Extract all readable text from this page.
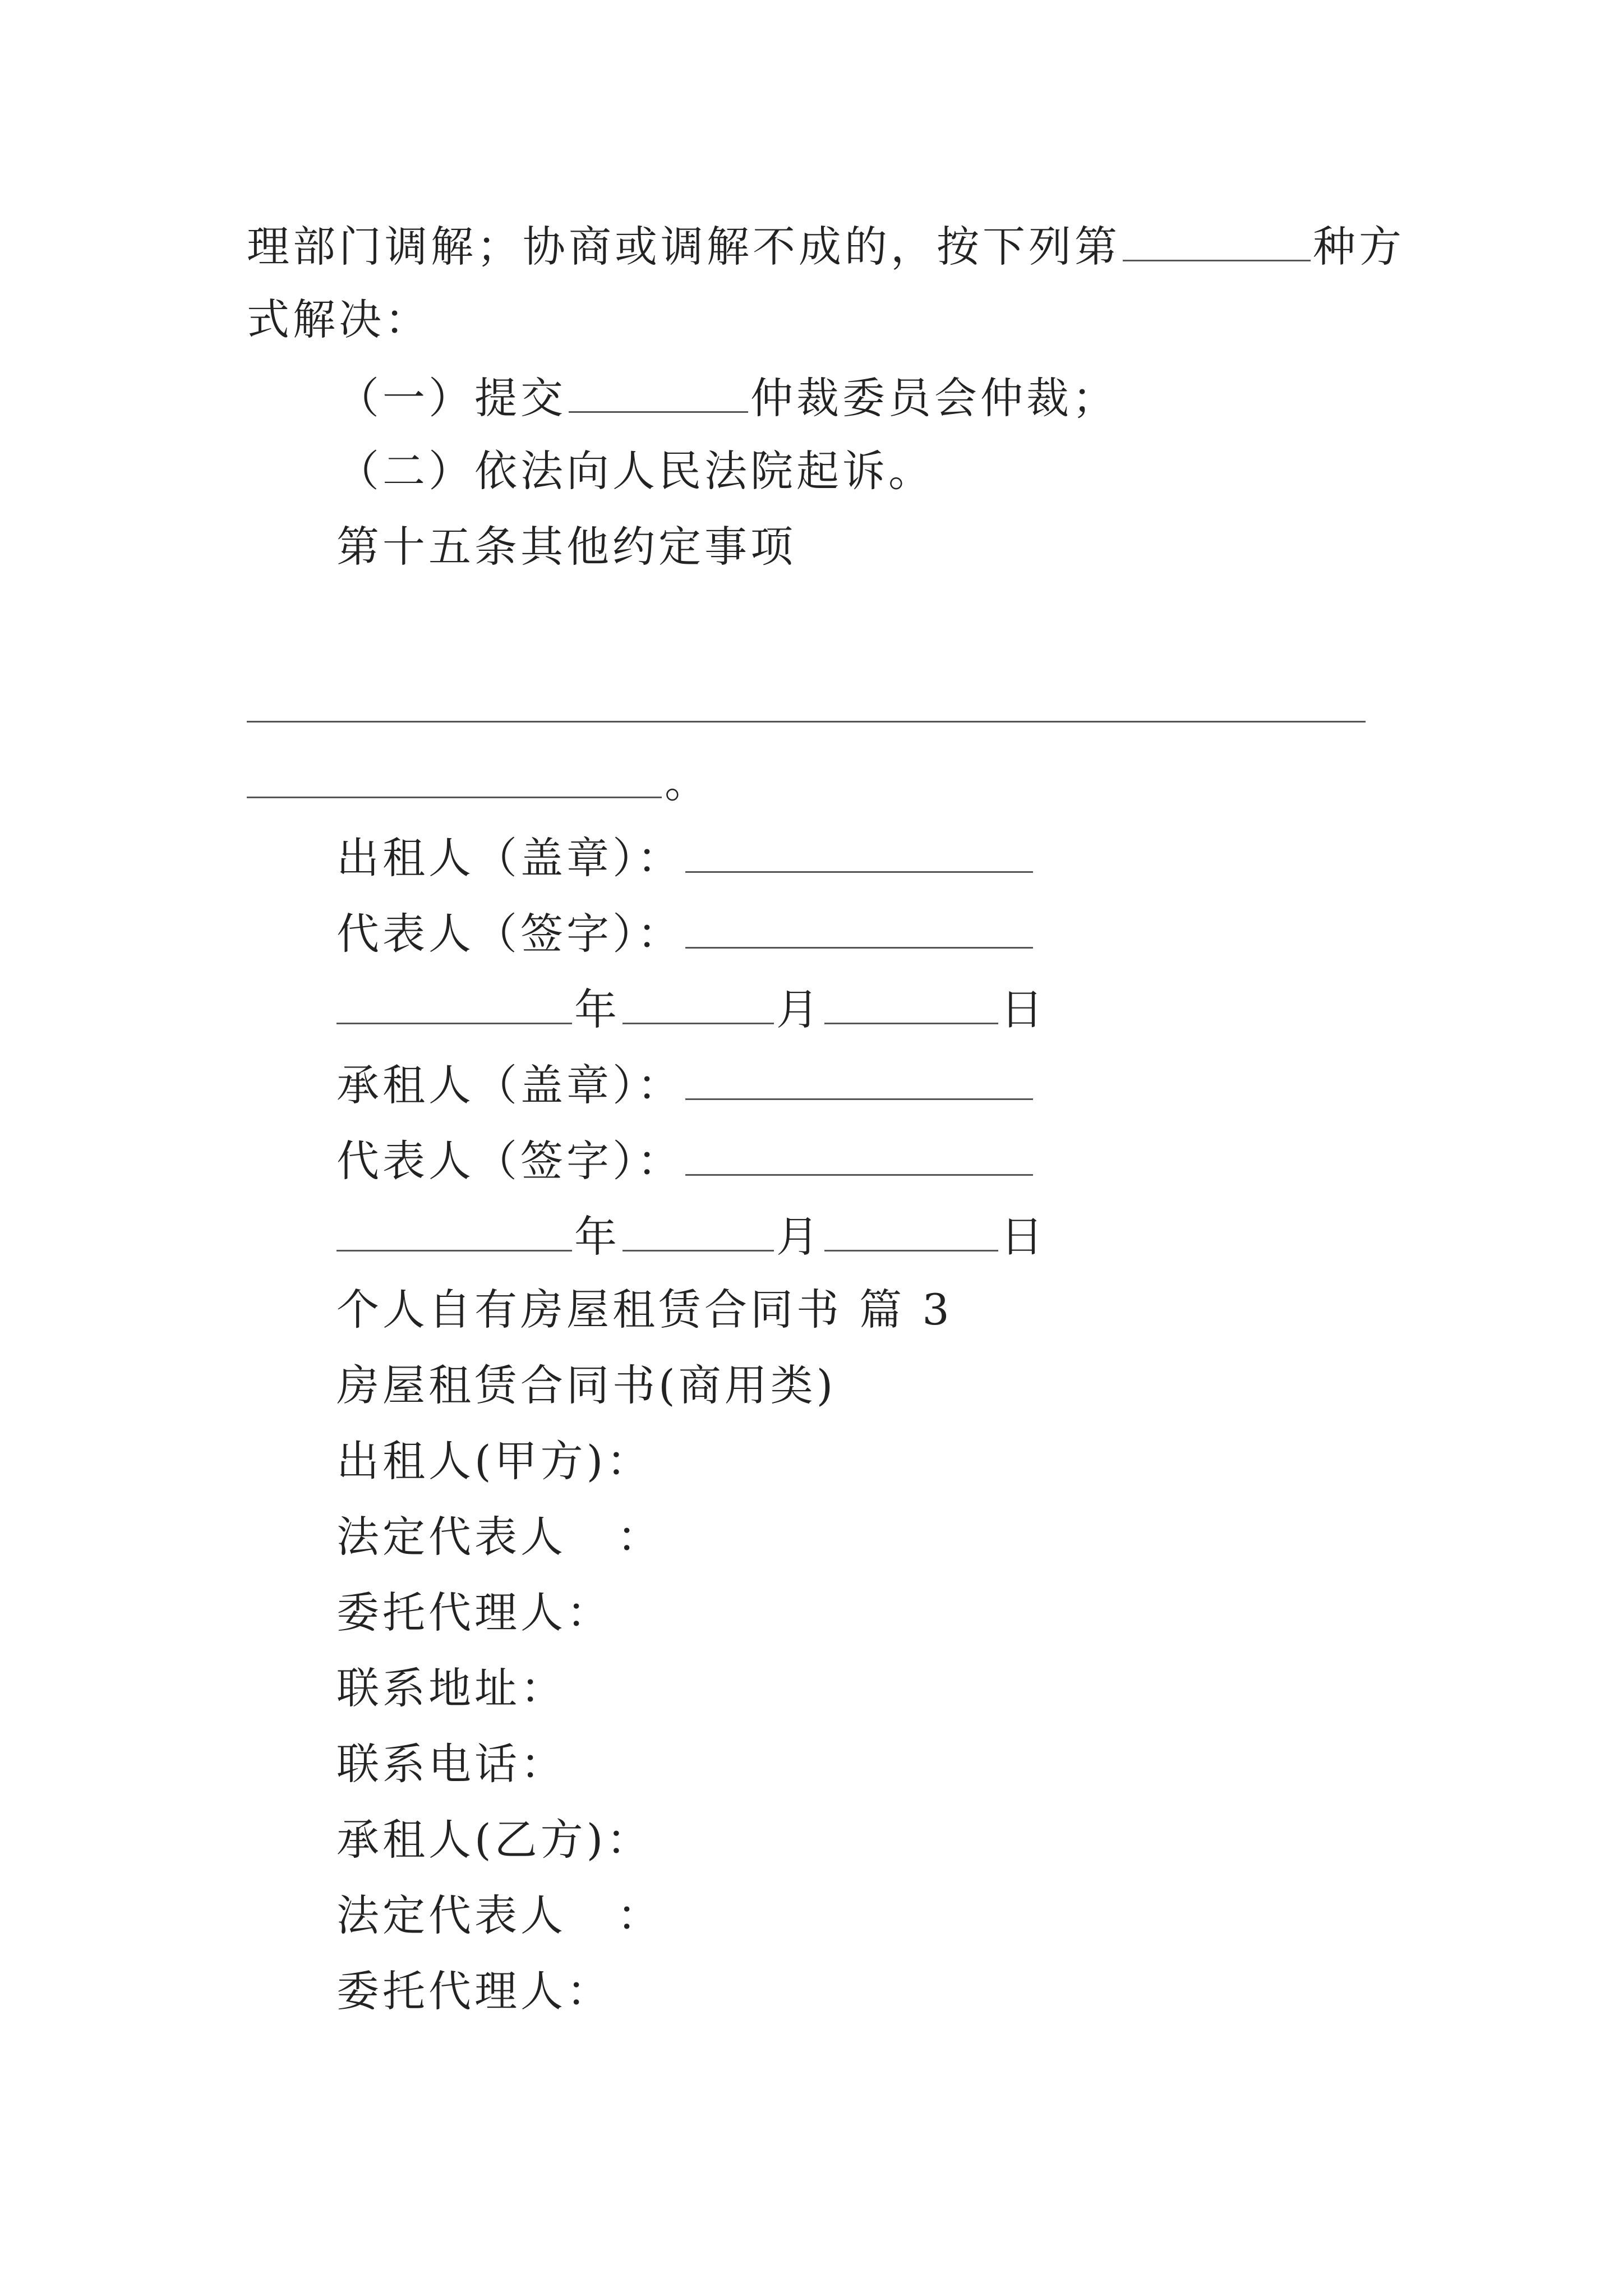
理部门调解；协商或调解不成的，按下列第	种方
式解决：
（一）提交	仲裁委员会仲裁；
（二）依法向人民法院起诉。
第十五条其他约定事项
。
出租人（盖章）：
代表人（签字）：
年	月	日
承租人（盖章）：
代表人（签字）：
年	月	日
个人自有房屋租赁合同书 篇 3
房屋租赁合同书(商用类)
出租人(甲方)：
法定代表人 ：
委托代理人：
联系地址：
联系电话：
承租人(乙方)：
法定代表人 ：
委托代理人：
